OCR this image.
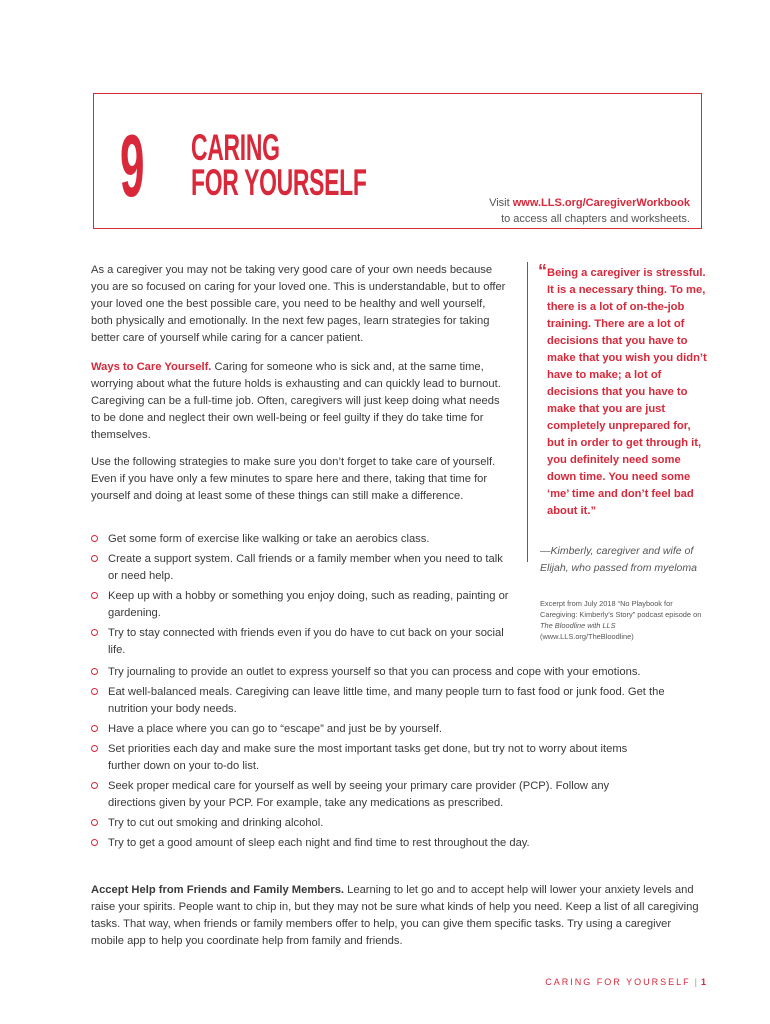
9 CARING
FOR YOURSELF	Visit www.LLS.org/CaregiverWorkbook
to access all chapters and worksheets.

As a caregiver you may not be taking very good care of your own needs because you are so focused on caring for your loved one. This is understandable, but to offer your loved one the best possible care, you need to be healthy and well yourself, both physically and emotionally. In the next few pages, learn strategies for taking better care of yourself while caring for a cancer patient.

Ways to Care Yourself. Caring for someone who is sick and, at the same time, worrying about what the future holds is exhausting and can quickly lead to burnout. Caregiving can be a full-time job. Often, caregivers will just keep doing what needs to be done and neglect their own well-being or feel guilty if they do take time for themselves.

Use the following strategies to make sure you don’t forget to take care of yourself. Even if you have only a few minutes to spare here and there, taking that time for yourself and doing at least some of these things can still make a difference.

Get some form of exercise like walking or take an aerobics class.
Create a support system. Call friends or a family member when you need to talk or need help.
Keep up with a hobby or something you enjoy doing, such as reading, painting or gardening.
Try to stay connected with friends even if you do have to cut back on your social life.
Try journaling to provide an outlet to express yourself so that you can process and cope with your emotions.
Eat well-balanced meals. Caregiving can leave little time, and many people turn to fast food or junk food. Get the nutrition your body needs.
Have a place where you can go to “escape” and just be by yourself.
Set priorities each day and make sure the most important tasks get done, but try not to worry about items further down on your to-do list.
Seek proper medical care for yourself as well by seeing your primary care provider (PCP). Follow any directions given by your PCP. For example, take any medications as prescribed.
Try to cut out smoking and drinking alcohol.
Try to get a good amount of sleep each night and find time to rest throughout the day.

Accept Help from Friends and Family Members. Learning to let go and to accept help will lower your anxiety levels and raise your spirits. People want to chip in, but they may not be sure what kinds of help you need. Keep a list of all caregiving tasks. That way, when friends or family members offer to help, you can give them specific tasks. Try using a caregiver mobile app to help you coordinate help from family and friends.

“ Being a caregiver is stressful. It is a necessary thing. To me, there is a lot of on-the-job training. There are a lot of decisions that you have to make that you wish you didn’t have to make; a lot of decisions that you have to make that you are just completely unprepared for, but in order to get through it, you definitely need some down time. You need some ‘me’ time and don’t feel bad about it.”
—Kimberly, caregiver and wife of Elijah, who passed from myeloma
Excerpt from July 2018 “No Playbook for Caregiving: Kimberly’s Story” podcast episode on The Bloodline with LLS (www.LLS.org/TheBloodline)
CARING FOR YOURSELF | 1
